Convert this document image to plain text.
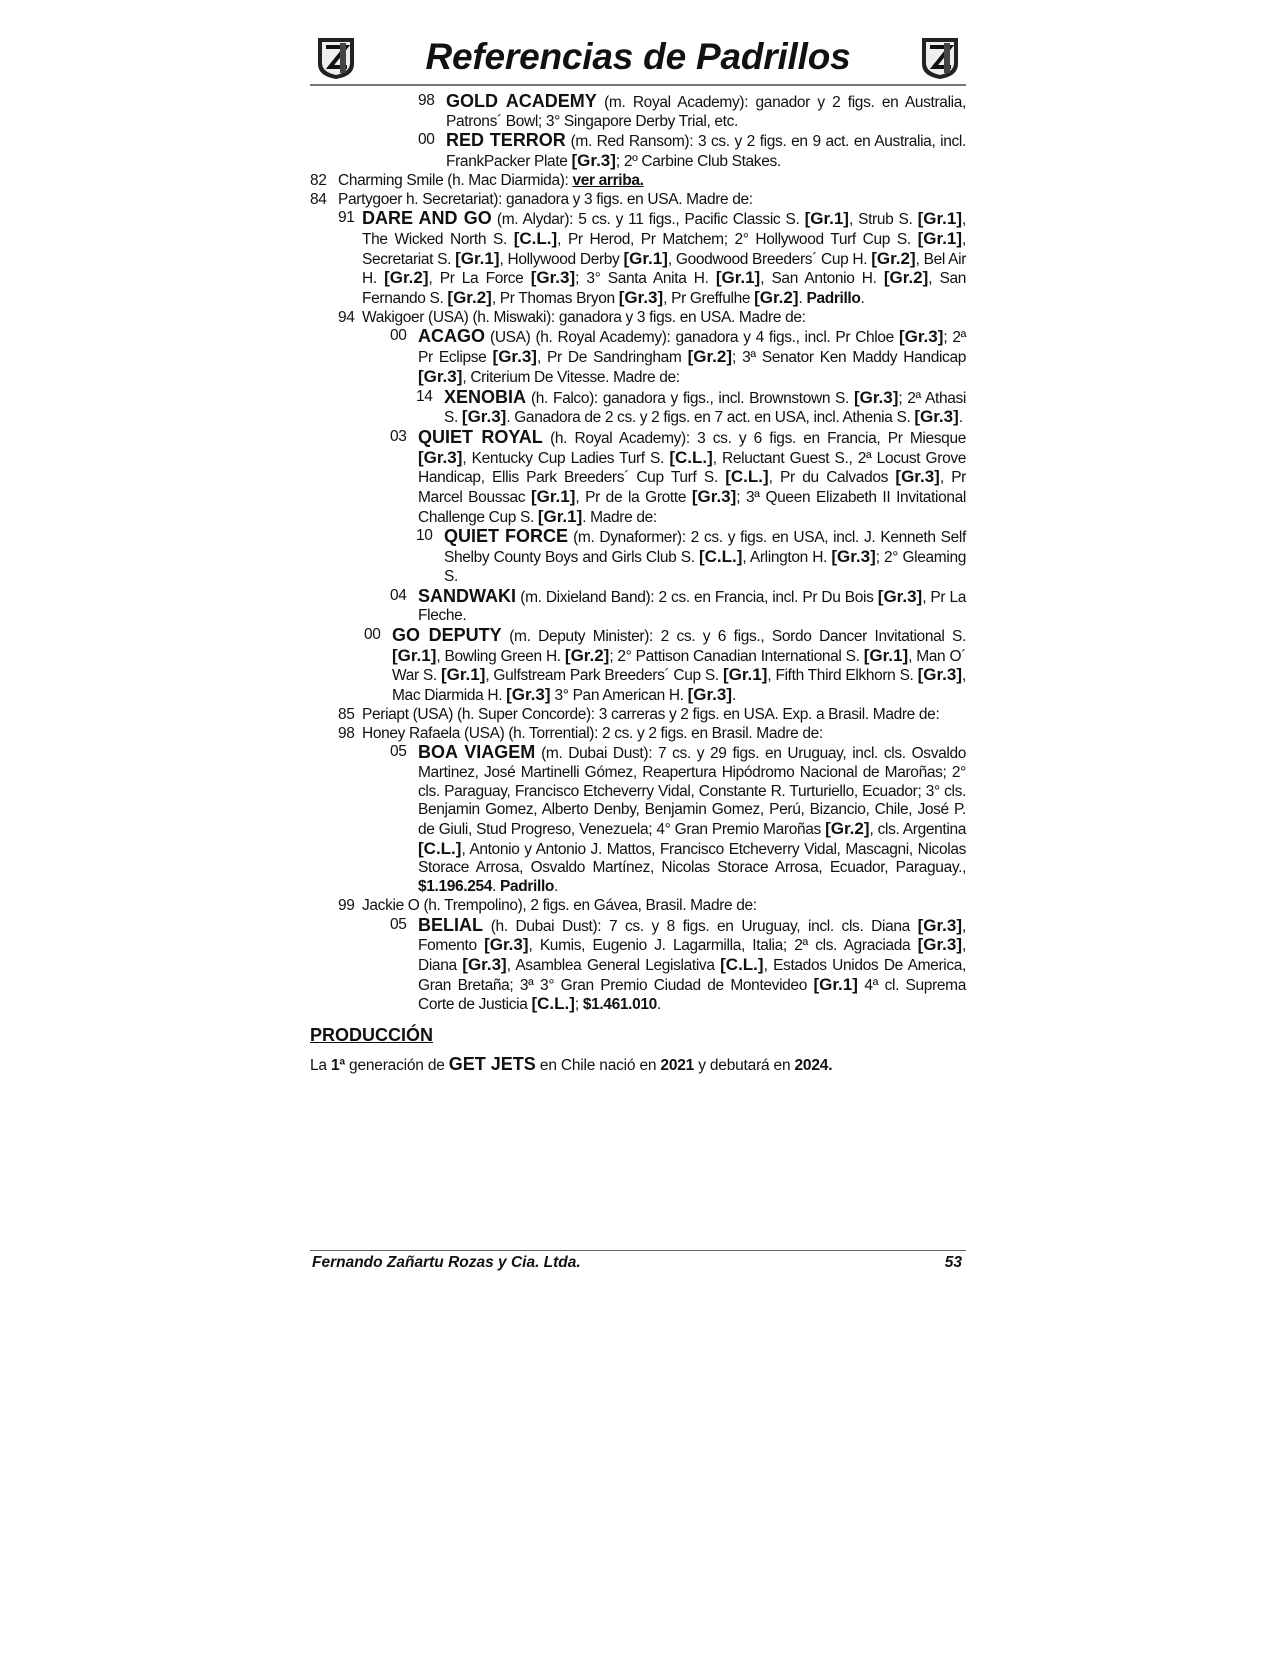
Referencias de Padrillos
98 GOLD ACADEMY (m. Royal Academy): ganador y 2 figs. en Australia, Patrons´ Bowl; 3° Singapore Derby Trial, etc.
00 RED TERROR (m. Red Ransom): 3 cs. y 2 figs. en 9 act. en Australia, incl. FrankPacker Plate [Gr.3]; 2º Carbine Club Stakes.
82 Charming Smile (h. Mac Diarmida): ver arriba.
84 Partygoer h. Secretariat): ganadora y 3 figs. en USA. Madre de:
91 DARE AND GO (m. Alydar): 5 cs. y 11 figs., Pacific Classic S. [Gr.1], Strub S. [Gr.1], The Wicked North S. [C.L.], Pr Herod, Pr Matchem; 2° Hollywood Turf Cup S. [Gr.1], Secretariat S. [Gr.1], Hollywood Derby [Gr.1], Goodwood Breeders´ Cup H. [Gr.2], Bel Air H. [Gr.2], Pr La Force [Gr.3]; 3° Santa Anita H. [Gr.1], San Antonio H. [Gr.2], San Fernando S. [Gr.2], Pr Thomas Bryon [Gr.3], Pr Greffulhe [Gr.2]. Padrillo.
94 Wakigoer (USA) (h. Miswaki): ganadora y 3 figs. en USA. Madre de:
00 ACAGO (USA) (h. Royal Academy): ganadora y 4 figs., incl. Pr Chloe [Gr.3]; 2ª Pr Eclipse [Gr.3], Pr De Sandringham [Gr.2]; 3ª Senator Ken Maddy Handicap [Gr.3], Criterium De Vitesse. Madre de:
14 XENOBIA (h. Falco): ganadora y figs., incl. Brownstown S. [Gr.3]; 2ª Athasi S. [Gr.3]. Ganadora de 2 cs. y 2 figs. en 7 act. en USA, incl. Athenia S. [Gr.3].
03 QUIET ROYAL (h. Royal Academy): 3 cs. y 6 figs. en Francia, Pr Miesque [Gr.3], Kentucky Cup Ladies Turf S. [C.L.], Reluctant Guest S., 2ª Locust Grove Handicap, Ellis Park Breeders´ Cup Turf S. [C.L.], Pr du Calvados [Gr.3], Pr Marcel Boussac [Gr.1], Pr de la Grotte [Gr.3]; 3ª Queen Elizabeth II Invitational Challenge Cup S. [Gr.1]. Madre de:
10 QUIET FORCE (m. Dynaformer): 2 cs. y figs. en USA, incl. J. Kenneth Self Shelby County Boys and Girls Club S. [C.L.], Arlington H. [Gr.3]; 2° Gleaming S.
04 SANDWAKI (m. Dixieland Band): 2 cs. en Francia, incl. Pr Du Bois [Gr.3], Pr La Fleche.
00 GO DEPUTY (m. Deputy Minister): 2 cs. y 6 figs., Sordo Dancer Invitational S. [Gr.1], Bowling Green H. [Gr.2]; 2° Pattison Canadian International S. [Gr.1], Man O´ War S. [Gr.1], Gulfstream Park Breeders´ Cup S. [Gr.1], Fifth Third Elkhorn S. [Gr.3], Mac Diarmida H. [Gr.3] 3° Pan American H. [Gr.3].
85 Periapt (USA) (h. Super Concorde): 3 carreras y 2 figs. en USA. Exp. a Brasil. Madre de:
98 Honey Rafaela (USA) (h. Torrential): 2 cs. y 2 figs. en Brasil. Madre de:
05 BOA VIAGEM (m. Dubai Dust): 7 cs. y 29 figs. en Uruguay, incl. cls. Osvaldo Martinez, José Martinelli Gómez, Reapertura Hipódromo Nacional de Maroñas; 2° cls. Paraguay, Francisco Etcheverry Vidal, Constante R. Turturiello, Ecuador; 3° cls. Benjamin Gomez, Alberto Denby, Benjamin Gomez, Perú, Bizancio, Chile, José P. de Giuli, Stud Progreso, Venezuela; 4° Gran Premio Maroñas [Gr.2], cls. Argentina [C.L.], Antonio y Antonio J. Mattos, Francisco Etcheverry Vidal, Mascagni, Nicolas Storace Arrosa, Osvaldo Martínez, Nicolas Storace Arrosa, Ecuador, Paraguay., $1.196.254. Padrillo.
99 Jackie O (h. Trempolino), 2 figs. en Gávea, Brasil. Madre de:
05 BELIAL (h. Dubai Dust): 7 cs. y 8 figs. en Uruguay, incl. cls. Diana [Gr.3], Fomento [Gr.3], Kumis, Eugenio J. Lagarmilla, Italia; 2ª cls. Agraciada [Gr.3], Diana [Gr.3], Asamblea General Legislativa [C.L.], Estados Unidos De America, Gran Bretaña; 3ª 3° Gran Premio Ciudad de Montevideo [Gr.1] 4ª cl. Suprema Corte de Justicia [C.L.]; $1.461.010.
PRODUCCIÓN
La 1ª generación de GET JETS en Chile nació en 2021 y debutará en 2024.
Fernando Zañartu Rozas y Cia. Ltda.	53
